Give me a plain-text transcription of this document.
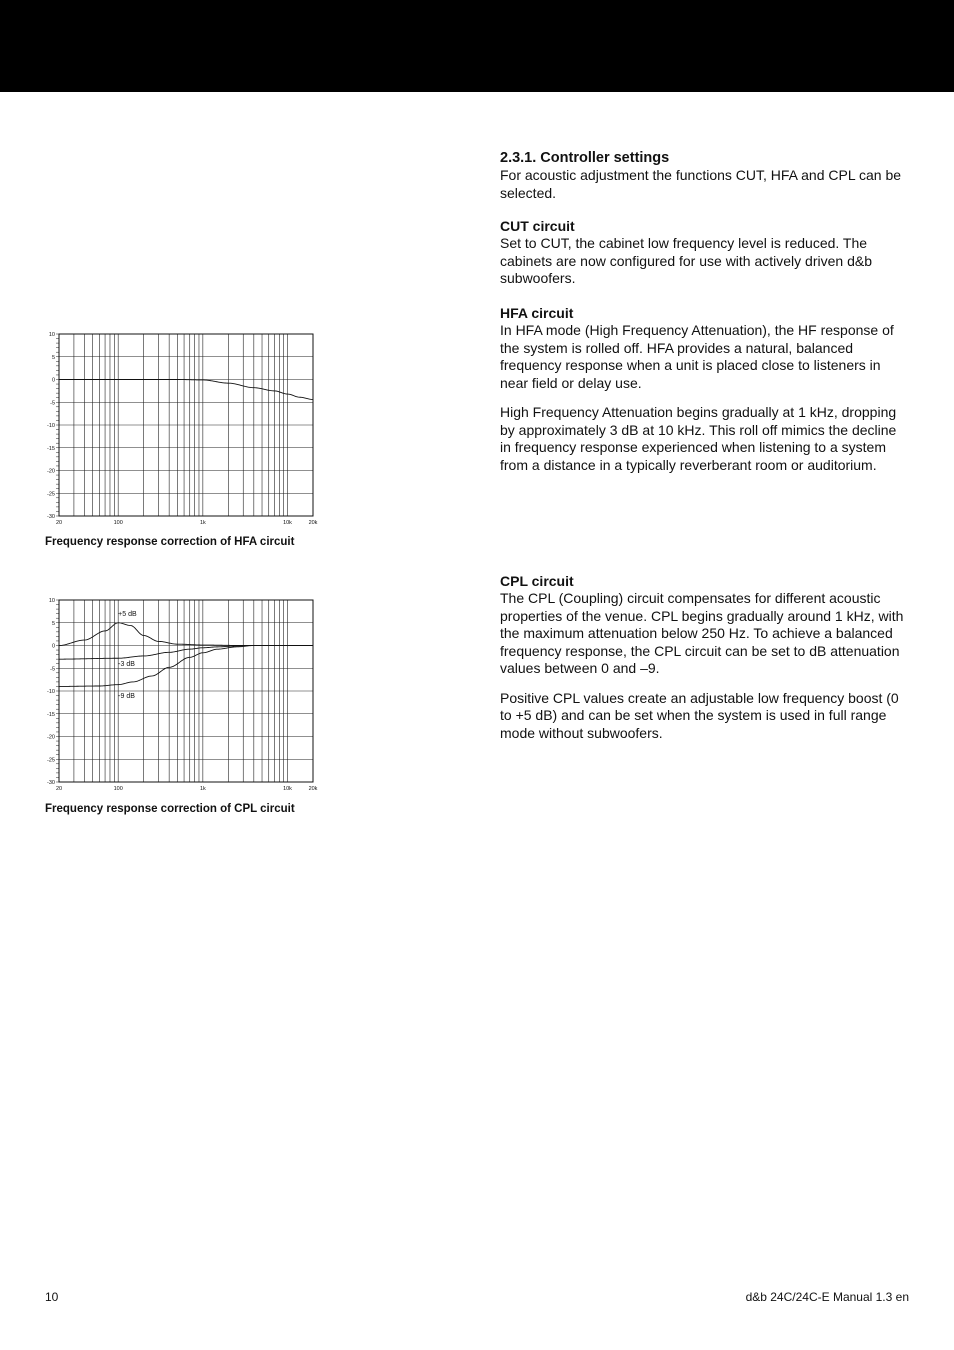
2.3.1. Controller settings

For acoustic adjustment the functions CUT, HFA and CPL can be selected.

CUT circuit

Set to CUT, the cabinet low frequency level is reduced. The cabinets are now configured for use with actively driven d&b subwoofers.

HFA circuit

In HFA mode (High Frequency Attenuation), the HF response of the system is rolled off. HFA provides a natural, balanced frequency response when a unit is placed close to listeners in near field or delay use.

High Frequency Attenuation begins gradually at 1 kHz, dropping by approximately 3 dB at 10 kHz. This roll off mimics the decline in frequency response experienced when listening to a system from a distance in a typically reverberant room or auditorium.

CPL circuit

The CPL (Coupling) circuit compensates for different acoustic properties of the venue. CPL begins gradually around 1 kHz, with the maximum attenuation below 250 Hz. To achieve a balanced frequency response, the CPL circuit can be set to dB attenuation values between 0 and –9.

Positive CPL values create an adjustable low frequency boost (0 to +5 dB) and can be set when the system is used in full range mode without subwoofers.

10
5
0
-5
-10
-15
-20
-25
-30
20	100	1k	10k	20k
Frequency response correction of HFA circuit
10
5
0
-5
-10
-15
-20
-25
-30
20	100	1k	10k	20k
+5 dB
-3 dB
-9 dB
Frequency response correction of CPL circuit
10	d&b 24C/24C-E Manual 1.3 en
